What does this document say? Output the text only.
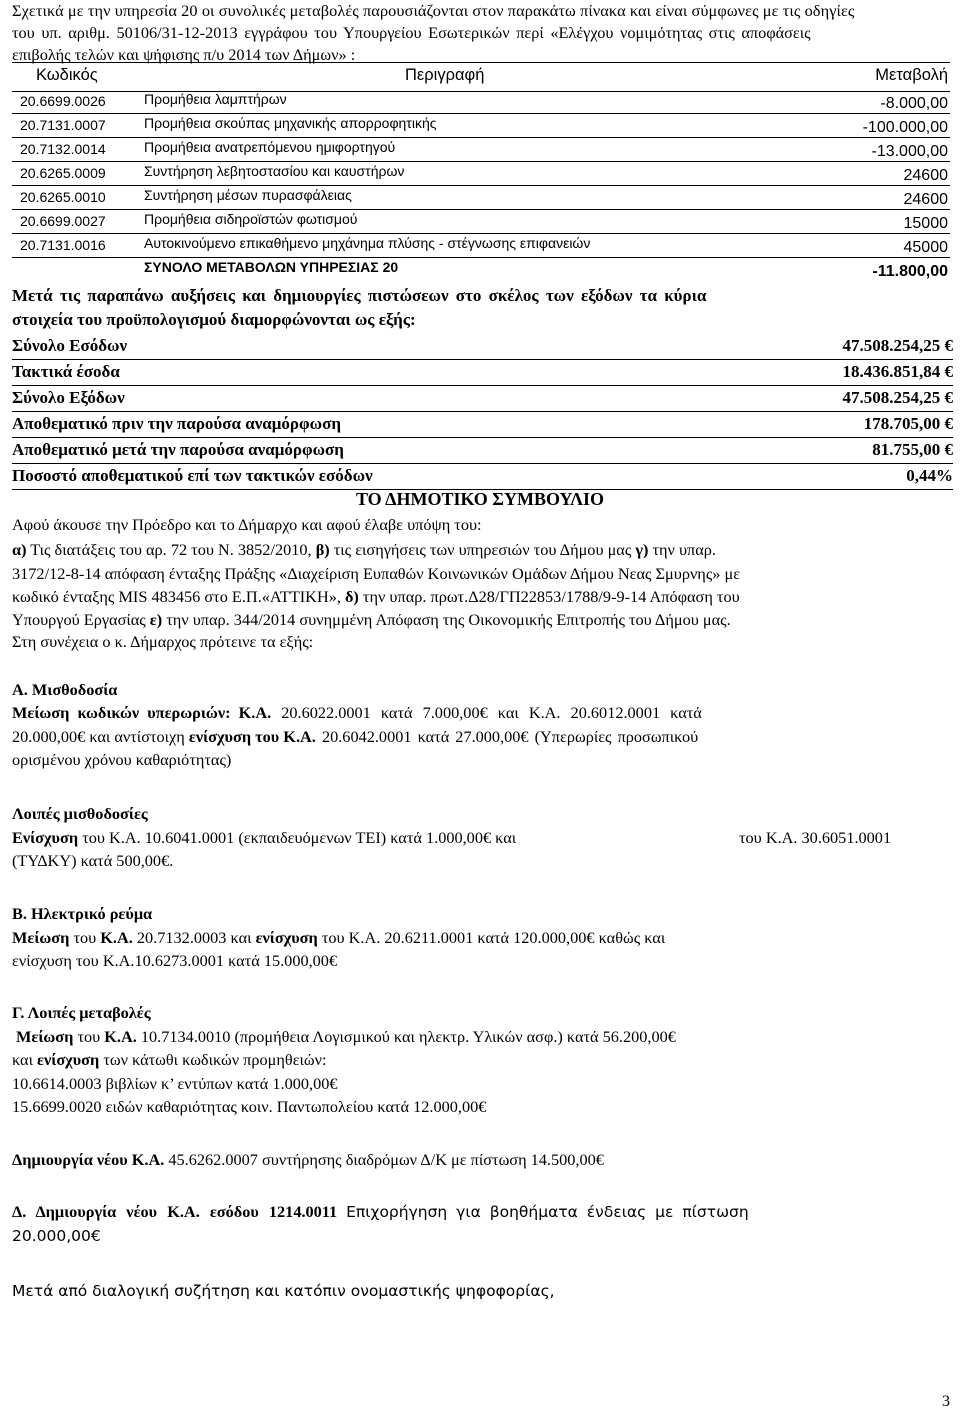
Σχετικά με την υπηρεσία 20 οι συνολικές μεταβολές παρουσιάζονται στον παρακάτω πίνακα και είναι σύμφωνες με τις οδηγίες
του υπ. αριθμ. 50106/31-12-2013 εγγράφου του Υπουργείου Εσωτερικών περί «Ελέγχου νομιμότητας στις αποφάσεις
επιβολής τελών και ψήφισης π/υ 2014 των Δήμων» :
Κωδικός	Περιγραφή	Μεταβολή
20.6699.0026	Προμήθεια λαμπτήρων	-8.000,00
20.7131.0007	Προμήθεια σκούπας μηχανικής απορροφητικής	-100.000,00
20.7132.0014	Προμήθεια ανατρεπόμενου ημιφορτηγού	-13.000,00
20.6265.0009	Συντήρηση λεβητοστασίου και καυστήρων	24600
20.6265.0010	Συντήρηση μέσων πυρασφάλειας	24600
20.6699.0027	Προμήθεια σιδηροϊστών φωτισμού	15000
20.7131.0016	Αυτοκινούμενο επικαθήμενο μηχάνημα πλύσης - στέγνωσης επιφανειών	45000
ΣΥΝΟΛΟ ΜΕΤΑΒΟΛΩΝ ΥΠΗΡΕΣΙΑΣ 20	-11.800,00
Μετά τις παραπάνω αυξήσεις και δημιουργίες πιστώσεων στο σκέλος των εξόδων τα κύρια
στοιχεία του προϋπολογισμού διαμορφώνονται ως εξής:
Σύνολο Εσόδων	47.508.254,25 €
Τακτικά έσοδα	18.436.851,84 €
Σύνολο Εξόδων	47.508.254,25 €
Αποθεματικό πριν την παρούσα αναμόρφωση	178.705,00 €
Αποθεματικό μετά την παρούσα αναμόρφωση	81.755,00 €
Ποσοστό αποθεματικού επί των τακτικών εσόδων	0,44%
ΤΟ ΔΗΜΟΤΙΚΟ ΣΥΜΒΟΥΛΙΟ
Αφού άκουσε την Πρόεδρο και το Δήμαρχο και αφού έλαβε υπόψη του:
α) Τις διατάξεις του αρ. 72 του Ν. 3852/2010, β) τις εισηγήσεις των υπηρεσιών του Δήμου μας γ) την υπαρ.
3172/12-8-14 απόφαση ένταξης Πράξης «Διαχείριση Ευπαθών Κοινωνικών Ομάδων Δήμου Νεας Σμυρνης» με
κωδικό ένταξης MIS 483456 στο Ε.Π.«ΑΤΤΙΚΗ», δ) την υπαρ. πρωτ.Δ28/ΓΠ22853/1788/9-9-14 Απόφαση του
Υπουργού Εργασίας ε) την υπαρ. 344/2014 συνημμένη Απόφαση της Οικονομικής Επιτροπής του Δήμου μας.
Στη συνέχεια ο κ. Δήμαρχος πρότεινε τα εξής:
Α. Μισθοδοσία
Μείωση κωδικών υπερωριών: Κ.Α. 20.6022.0001 κατά 7.000,00€ και Κ.Α. 20.6012.0001 κατά
20.000,00€ και αντίστοιχη ενίσχυση του Κ.Α. 20.6042.0001 κατά 27.000,00€ (Υπερωρίες προσωπικού
ορισμένου χρόνου καθαριότητας)
Λοιπές μισθοδοσίες
Ενίσχυση του Κ.Α. 10.6041.0001 (εκπαιδευόμενων ΤΕΙ) κατά 1.000,00€ και	του Κ.Α. 30.6051.0001
(ΤΥΔΚΥ) κατά 500,00€.
Β. Ηλεκτρικό ρεύμα
Μείωση του Κ.Α. 20.7132.0003 και ενίσχυση του Κ.Α. 20.6211.0001 κατά 120.000,00€ καθώς και
ενίσχυση του Κ.Α.10.6273.0001 κατά 15.000,00€
Γ. Λοιπές μεταβολές
Μείωση του Κ.Α. 10.7134.0010 (προμήθεια Λογισμικού και ηλεκτρ. Υλικών ασφ.) κατά 56.200,00€
και ενίσχυση των κάτωθι κωδικών προμηθειών:
10.6614.0003 βιβλίων κ’ εντύπων κατά 1.000,00€
15.6699.0020 ειδών καθαριότητας κοιν. Παντωπολείου κατά 12.000,00€
Δημιουργία νέου Κ.Α. 45.6262.0007 συντήρησης διαδρόμων Δ/Κ με πίστωση 14.500,00€
Δ. Δημιουργία νέου Κ.Α. εσόδου 1214.0011 Επιχορήγηση για βοηθήματα ένδειας με πίστωση
20.000,00€
Μετά από διαλογική συζήτηση και κατόπιν ονομαστικής ψηφοφορίας,
3
